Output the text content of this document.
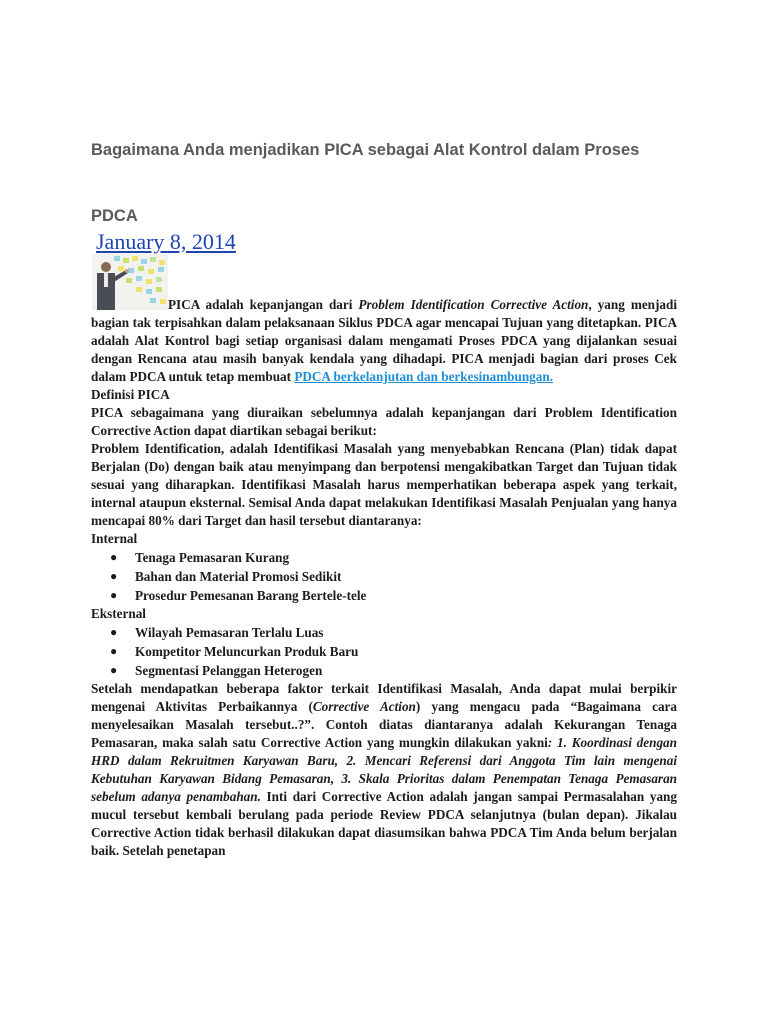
Bagaimana Anda menjadikan PICA sebagai Alat Kontrol dalam Proses
PDCA
January 8, 2014

PICA adalah kepanjangan dari Problem Identification Corrective Action, yang menjadi bagian tak terpisahkan dalam pelaksanaan Siklus PDCA agar mencapai Tujuan yang ditetapkan. PICA adalah Alat Kontrol bagi setiap organisasi dalam mengamati Proses PDCA yang dijalankan sesuai dengan Rencana atau masih banyak kendala yang dihadapi. PICA menjadi bagian dari proses Cek dalam PDCA untuk tetap membuat PDCA berkelanjutan dan berkesinambungan.

Definisi PICA

PICA sebagaimana yang diuraikan sebelumnya adalah kepanjangan dari Problem Identification Corrective Action dapat diartikan sebagai berikut:

Problem Identification, adalah Identifikasi Masalah yang menyebabkan Rencana (Plan) tidak dapat Berjalan (Do) dengan baik atau menyimpang dan berpotensi mengakibatkan Target dan Tujuan tidak sesuai yang diharapkan. Identifikasi Masalah harus memperhatikan beberapa aspek yang terkait, internal ataupun eksternal. Semisal Anda dapat melakukan Identifikasi Masalah Penjualan yang hanya mencapai 80% dari Target dan hasil tersebut diantaranya:

Internal

● Tenaga Pemasaran Kurang
● Bahan dan Material Promosi Sedikit
● Prosedur Pemesanan Barang Bertele-tele

Eksternal

● Wilayah Pemasaran Terlalu Luas
● Kompetitor Meluncurkan Produk Baru
● Segmentasi Pelanggan Heterogen

Setelah mendapatkan beberapa faktor terkait Identifikasi Masalah, Anda dapat mulai berpikir mengenai Aktivitas Perbaikannya (Corrective Action) yang mengacu pada “Bagaimana cara menyelesaikan Masalah tersebut..?”. Contoh diatas diantaranya adalah Kekurangan Tenaga Pemasaran, maka salah satu Corrective Action yang mungkin dilakukan yakni: 1. Koordinasi dengan HRD dalam Rekruitmen Karyawan Baru, 2. Mencari Referensi dari Anggota Tim lain mengenai Kebutuhan Karyawan Bidang Pemasaran, 3. Skala Prioritas dalam Penempatan Tenaga Pemasaran sebelum adanya penambahan. Inti dari Corrective Action adalah jangan sampai Permasalahan yang mucul tersebut kembali berulang pada periode Review PDCA selanjutnya (bulan depan). Jikalau Corrective Action tidak berhasil dilakukan dapat diasumsikan bahwa PDCA Tim Anda belum berjalan baik. Setelah penetapan
